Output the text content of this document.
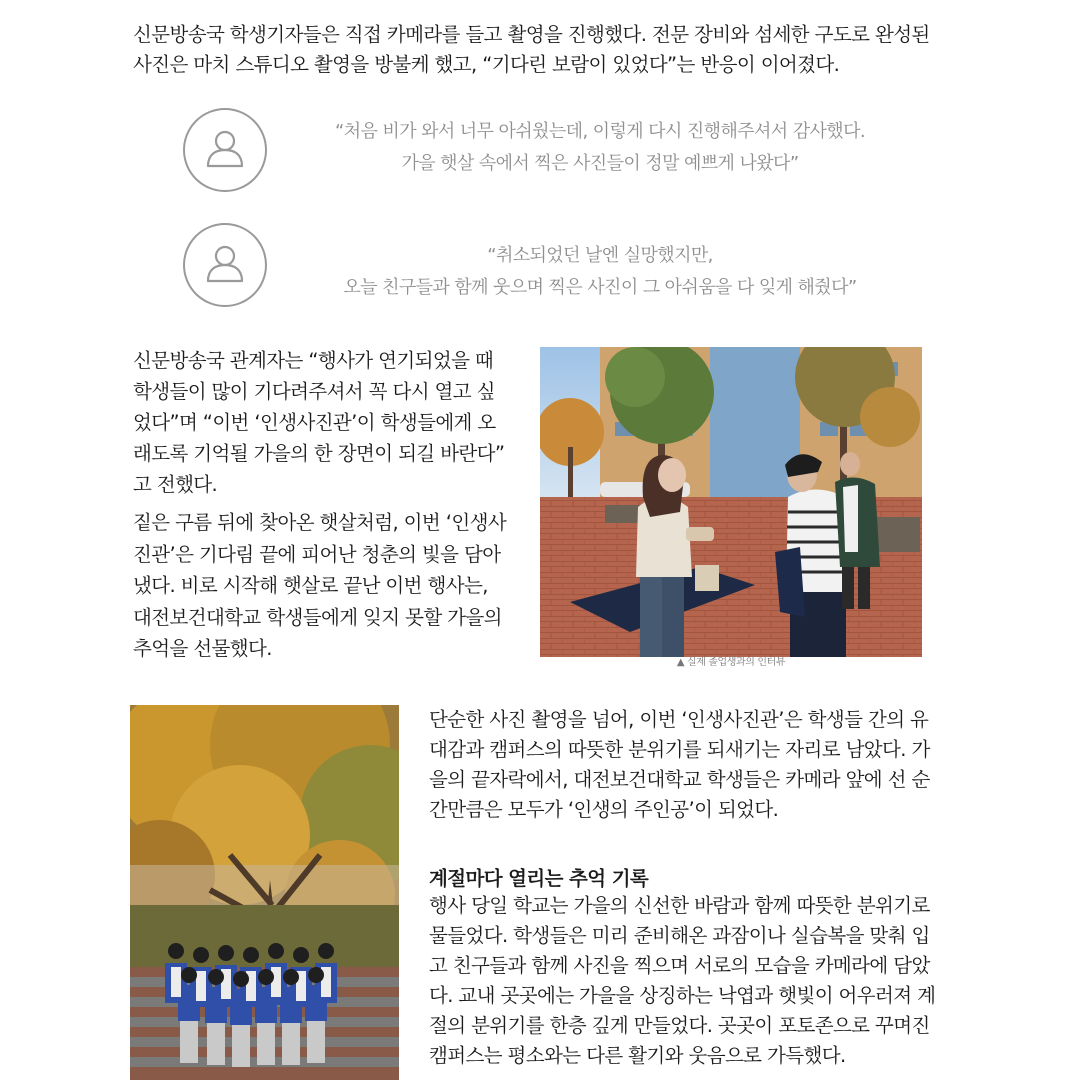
신문방송국 학생기자들은 직접 카메라를 들고 촬영을 진행했다. 전문 장비와 섬세한 구도로 완성된
사진은 마치 스튜디오 촬영을 방불케 했고, “기다린 보람이 있었다”는 반응이 이어졌다.
“처음 비가 와서 너무 아쉬웠는데, 이렇게 다시 진행해주셔서 감사했다.
가을 햇살 속에서 찍은 사진들이 정말 예쁘게 나왔다”
“취소되었던 날엔 실망했지만,
오늘 친구들과 함께 웃으며 찍은 사진이 그 아쉬움을 다 잊게 해줬다”
신문방송국 관계자는 “행사가 연기되었을 때
학생들이 많이 기다려주셔서 꼭 다시 열고 싶
었다”며 “이번 ‘인생사진관’이 학생들에게 오
래도록 기억될 가을의 한 장면이 되길 바란다”
고 전했다.
짙은 구름 뒤에 찾아온 햇살처럼, 이번 ‘인생사
진관’은 기다림 끝에 피어난 청춘의 빛을 담아
냈다. 비로 시작해 햇살로 끝난 이번 행사는,
대전보건대학교 학생들에게 잊지 못할 가을의
추억을 선물했다.
▲ 실제 졸업생과의 인터뷰
단순한 사진 촬영을 넘어, 이번 ‘인생사진관’은 학생들 간의 유
대감과 캠퍼스의 따뜻한 분위기를 되새기는 자리로 남았다. 가
을의 끝자락에서, 대전보건대학교 학생들은 카메라 앞에 선 순
간만큼은 모두가 ‘인생의 주인공’이 되었다.
계절마다 열리는 추억 기록
행사 당일 학교는 가을의 신선한 바람과 함께 따뜻한 분위기로
물들었다. 학생들은 미리 준비해온 과잠이나 실습복을 맞춰 입
고 친구들과 함께 사진을 찍으며 서로의 모습을 카메라에 담았
다. 교내 곳곳에는 가을을 상징하는 낙엽과 햇빛이 어우러져 계
절의 분위기를 한층 깊게 만들었다. 곳곳이 포토존으로 꾸며진
캠퍼스는 평소와는 다른 활기와 웃음으로 가득했다.
